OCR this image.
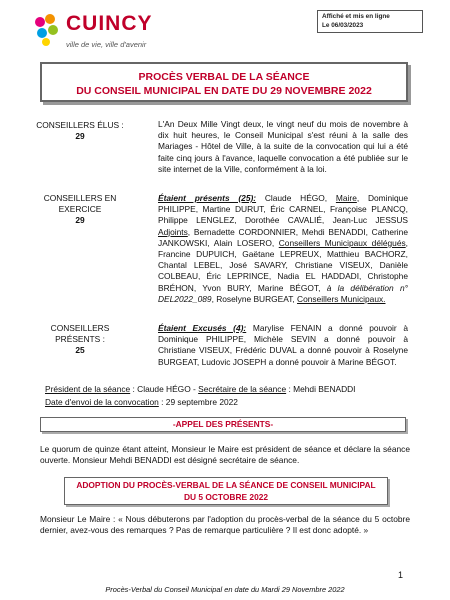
CUINCY
ville de vie, ville d'avenir
Affiché et mis en ligne
Le 06/03/2023
PROCÈS VERBAL DE LA SÉANCE
DU CONSEIL MUNICIPAL EN DATE DU 29 NOVEMBRE 2022
CONSEILLERS ÉLUS :
29
L'An Deux Mille Vingt deux, le vingt neuf du mois de novembre à dix huit heures, le Conseil Municipal s'est réuni à la salle des Mariages - Hôtel de Ville, à la suite de la convocation qui lui a été faite cinq jours à l'avance, laquelle convocation a été publiée sur le site internet de la Ville, conformément à la loi.
CONSEILLERS EN
EXERCICE
29
Étaient présents (25): Claude HÉGO, Maire, Dominique PHILIPPE, Martine DURUT, Éric CARNEL, Françoise PLANCQ, Philippe LENGLEZ, Dorothée CAVALIÉ, Jean-Luc JESSUS Adjoints, Bernadette CORDONNIER, Mehdi BENADDI, Catherine JANKOWSKI, Alain LOSERO, Conseillers Municipaux délégués, Francine DUPUICH, Gaëtane LEPREUX, Matthieu BACHORZ, Chantal LEBEL, José SAVARY, Christiane VISEUX, Danièle COLBEAU, Éric LEPRINCE, Nadia EL HADDADI, Christophe BRÉHON, Yvon BURY, Marine BÉGOT, à la délibération n° DEL2022_089, Roselyne BURGEAT, Conseillers Municipaux.
CONSEILLERS
PRÉSENTS :
25
Étaient Excusés (4): Marylise FENAIN a donné pouvoir à Dominique PHILIPPE, Michèle SEVIN a donné pouvoir à Christiane VISEUX, Frédéric DUVAL a donné pouvoir à Roselyne BURGEAT, Ludovic JOSEPH a donné pouvoir à Marine BÉGOT.
Président de la séance : Claude HÉGO - Secrétaire de la séance : Mehdi BENADDI
Date d'envoi de la convocation : 29 septembre 2022
-APPEL DES PRÉSENTS-
Le quorum de quinze étant atteint, Monsieur le Maire est président de séance et déclare la séance ouverte. Monsieur Mehdi BENADDI est désigné secrétaire de séance.
ADOPTION DU PROCÈS-VERBAL DE LA SÉANCE DE CONSEIL MUNICIPAL
DU 5 OCTOBRE 2022
Monsieur Le Maire : « Nous débuterons par l'adoption du procès-verbal de la séance du 5 octobre dernier, avez-vous des remarques ? Pas de remarque particulière ? Il est donc adopté. »
1
Procès-Verbal du Conseil Municipal en date du Mardi 29 Novembre 2022
